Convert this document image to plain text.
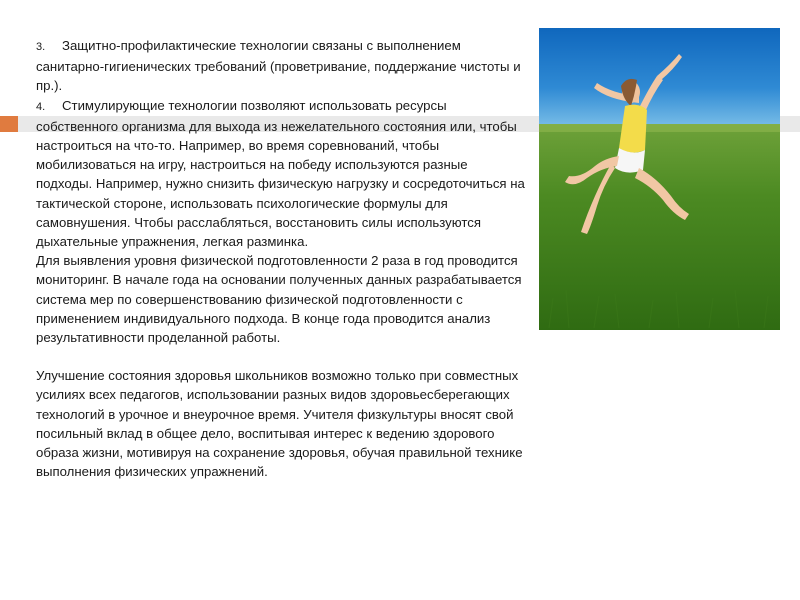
3. Защитно-профилактические технологии связаны с выполнением санитарно-гигиенических требований (проветривание, поддержание чистоты и пр.).

4. Стимулирующие технологии позволяют использовать ресурсы собственного организма для выхода из нежелательного состояния или, чтобы настроиться на что-то. Например, во время соревнований, чтобы мобилизоваться на игру, настроиться на победу используются разные подходы. Например, нужно снизить физическую нагрузку и сосредоточиться на тактической стороне, использовать психологические формулы для самовнушения. Чтобы расслабляться, восстановить силы используются дыхательные упражнения, легкая разминка.

Для выявления уровня физической подготовленности 2 раза в год проводится мониторинг. В начале года на основании полученных данных разрабатывается система мер по совершенствованию физической подготовленности с применением индивидуального подхода. В конце года проводится анализ результативности проделанной работы.

Улучшение состояния здоровья школьников возможно только при совместных усилиях всех педагогов, использовании разных видов здоровьесберегающих технологий в урочное и внеурочное время. Учителя физкультуры вносят свой посильный вклад в общее дело, воспитывая интерес к ведению здорового образа жизни, мотивируя на сохранение здоровья, обучая правильной технике выполнения физических упражнений.
